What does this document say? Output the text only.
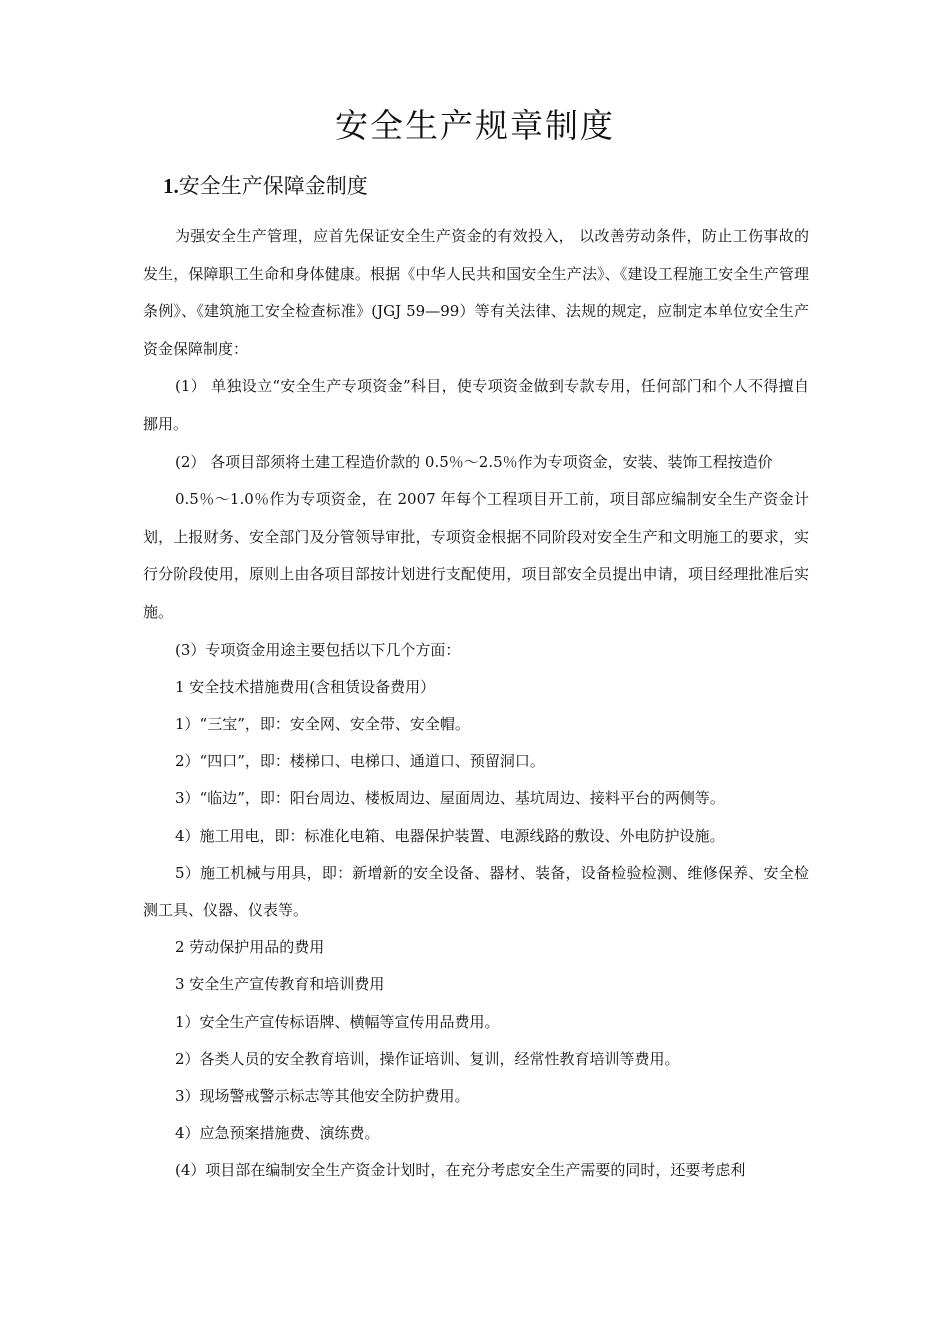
安全生产规章制度
1.安全生产保障金制度

为强安全生产管理，应首先保证安全生产资金的有效投入， 以改善劳动条件，防止工伤事故的发生，保障职工生命和身体健康。根据《中华人民共和国安全生产法》、《建设工程施工安全生产管理条例》、《建筑施工安全检查标准》(JGJ 59—99）等有关法律、法规的规定，应制定本单位安全生产资金保障制度：

(1） 单独设立“安全生产专项资金”科目，使专项资金做到专款专用，任何部门和个人不得擅自挪用。

(2） 各项目部须将土建工程造价款的 0.5％～2.5％作为专项资金，安装、装饰工程按造价

0.5％～1.0％作为专项资金，在 2007 年每个工程项目开工前，项目部应编制安全生产资金计划，上报财务、安全部门及分管领导审批，专项资金根据不同阶段对安全生产和文明施工的要求，实行分阶段使用，原则上由各项目部按计划进行支配使用，项目部安全员提出申请，项目经理批准后实施。

(3）专项资金用途主要包括以下几个方面：

1 安全技术措施费用(含租赁设备费用）

1）“三宝”，即：安全网、安全带、安全帽。

2）“四口”，即：楼梯口、电梯口、通道口、预留洞口。

3）“临边”，即：阳台周边、楼板周边、屋面周边、基坑周边、接料平台的两侧等。

4）施工用电，即：标准化电箱、电器保护装置、电源线路的敷设、外电防护设施。

5）施工机械与用具，即：新增新的安全设备、器材、装备，设备检验检测、维修保养、安全检测工具、仪器、仪表等。

2 劳动保护用品的费用

3 安全生产宣传教育和培训费用

1）安全生产宣传标语牌、横幅等宣传用品费用。

2）各类人员的安全教育培训，操作证培训、复训，经常性教育培训等费用。

3）现场警戒警示标志等其他安全防护费用。

4）应急预案措施费、演练费。

(4）项目部在编制安全生产资金计划时，在充分考虑安全生产需要的同时，还要考虑利
